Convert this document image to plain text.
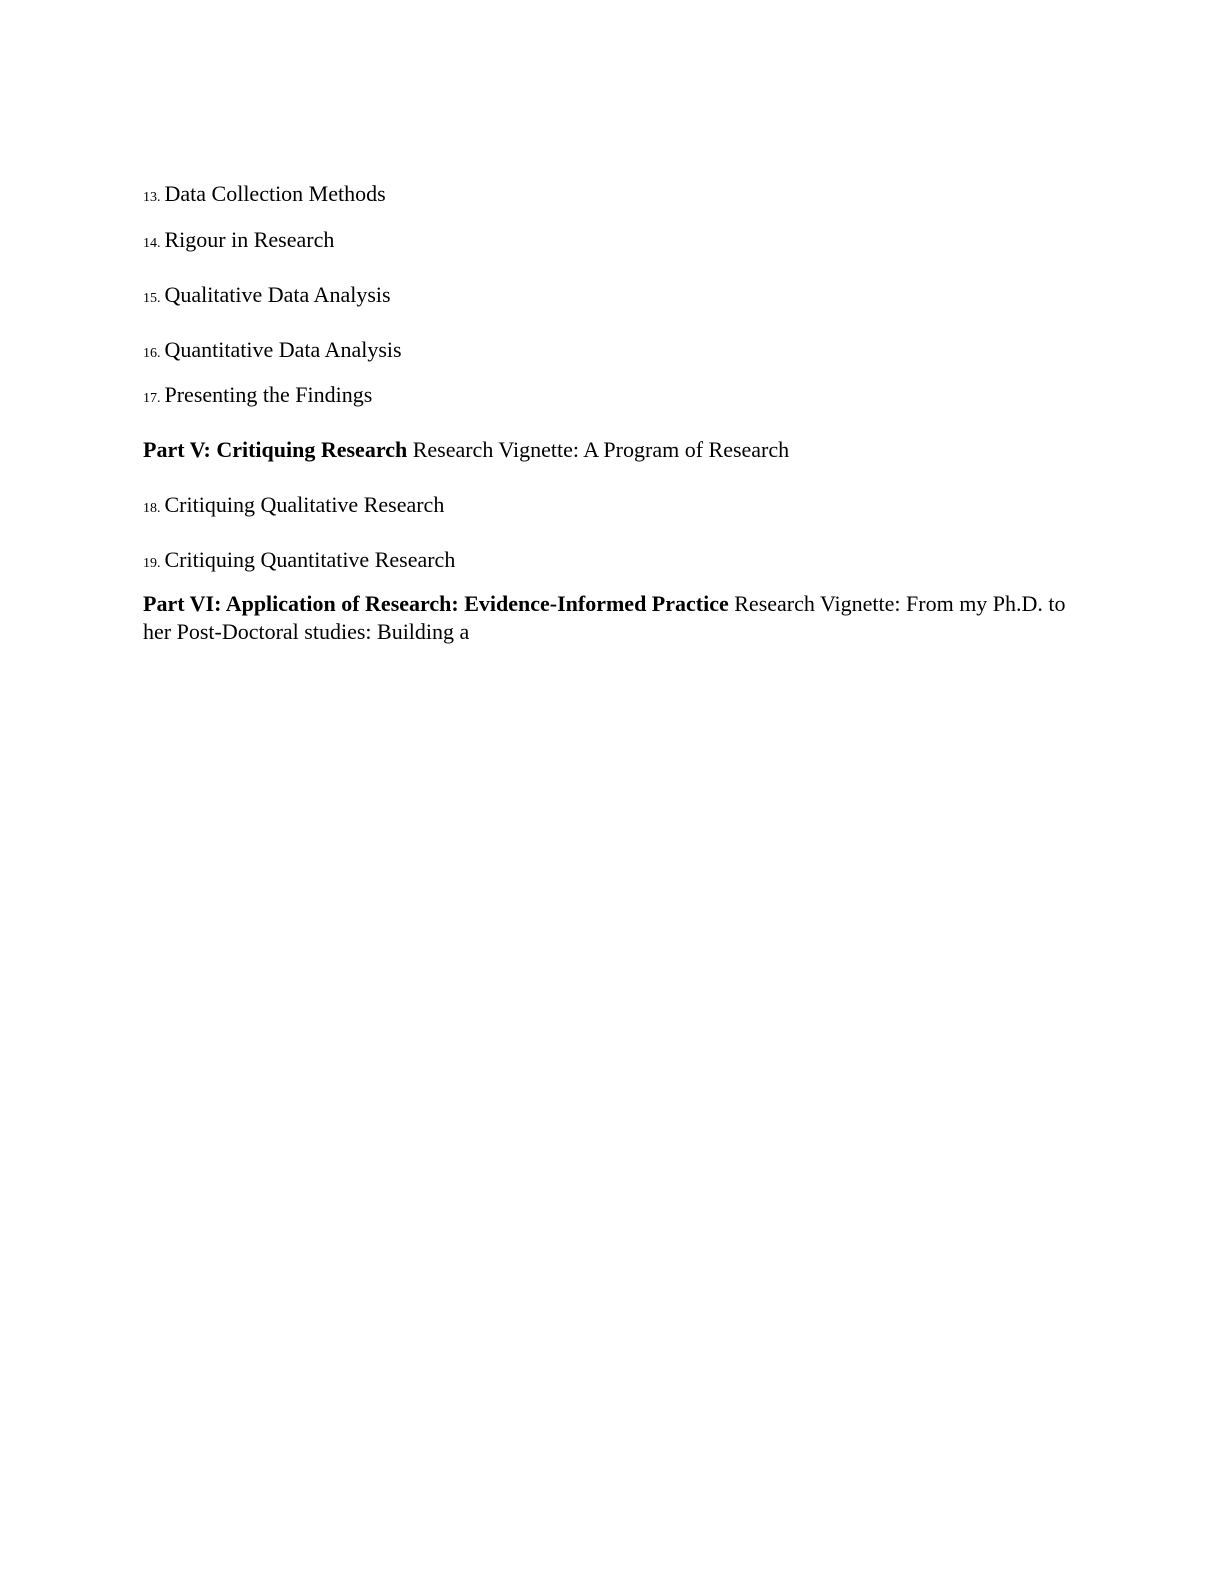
13. Data Collection Methods
14. Rigour in Research
15. Qualitative Data Analysis
16. Quantitative Data Analysis
17. Presenting the Findings
Part V: Critiquing Research Research Vignette: A Program of Research
18. Critiquing Qualitative Research
19. Critiquing Quantitative Research
Part VI: Application of Research: Evidence-Informed Practice Research Vignette: From my Ph.D. to her Post-Doctoral studies: Building a
